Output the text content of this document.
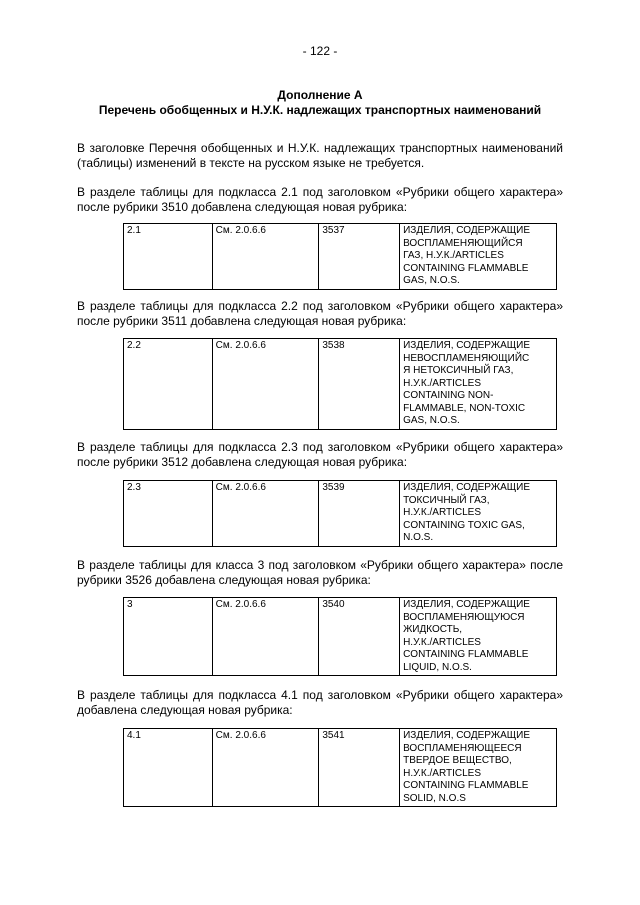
- 122 -
Дополнение А
Перечень обобщенных и Н.У.К. надлежащих транспортных наименований
В заголовке Перечня обобщенных и Н.У.К. надлежащих транспортных наименований (таблицы) изменений в тексте на русском языке не требуется.
В разделе таблицы для подкласса 2.1 под заголовком «Рубрики общего характера» после рубрики 3510 добавлена следующая новая рубрика:
2.1	См. 2.0.6.6	3537	ИЗДЕЛИЯ, СОДЕРЖАЩИЕ
ВОСПЛАМЕНЯЮЩИЙСЯ
ГАЗ, Н.У.К./ARTICLES
CONTAINING FLAMMABLE
GAS, N.O.S.
В разделе таблицы для подкласса 2.2 под заголовком «Рубрики общего характера» после рубрики 3511 добавлена следующая новая рубрика:
2.2	См. 2.0.6.6	3538	ИЗДЕЛИЯ, СОДЕРЖАЩИЕ
НЕВОСПЛАМЕНЯЮЩИЙС
Я НЕТОКСИЧНЫЙ ГАЗ,
Н.У.К./ARTICLES
CONTAINING NON-
FLAMMABLE, NON-TOXIC
GAS, N.O.S.
В разделе таблицы для подкласса 2.3 под заголовком «Рубрики общего характера» после рубрики 3512 добавлена следующая новая рубрика:
2.3	См. 2.0.6.6	3539	ИЗДЕЛИЯ, СОДЕРЖАЩИЕ
ТОКСИЧНЫЙ ГАЗ,
Н.У.К./ARTICLES
CONTAINING TOXIC GAS,
N.O.S.
В разделе таблицы для класса 3 под заголовком «Рубрики общего характера» после рубрики 3526 добавлена следующая новая рубрика:
3	См. 2.0.6.6	3540	ИЗДЕЛИЯ, СОДЕРЖАЩИЕ
ВОСПЛАМЕНЯЮЩУЮСЯ
ЖИДКОСТЬ,
Н.У.К./ARTICLES
CONTAINING FLAMMABLE
LIQUID, N.O.S.
В разделе таблицы для подкласса 4.1 под заголовком «Рубрики общего характера» добавлена следующая новая рубрика:
4.1	См. 2.0.6.6	3541	ИЗДЕЛИЯ, СОДЕРЖАЩИЕ
ВОСПЛАМЕНЯЮЩЕЕСЯ
ТВЕРДОЕ ВЕЩЕСТВО,
Н.У.К./ARTICLES
CONTAINING FLAMMABLE
SOLID, N.O.S
